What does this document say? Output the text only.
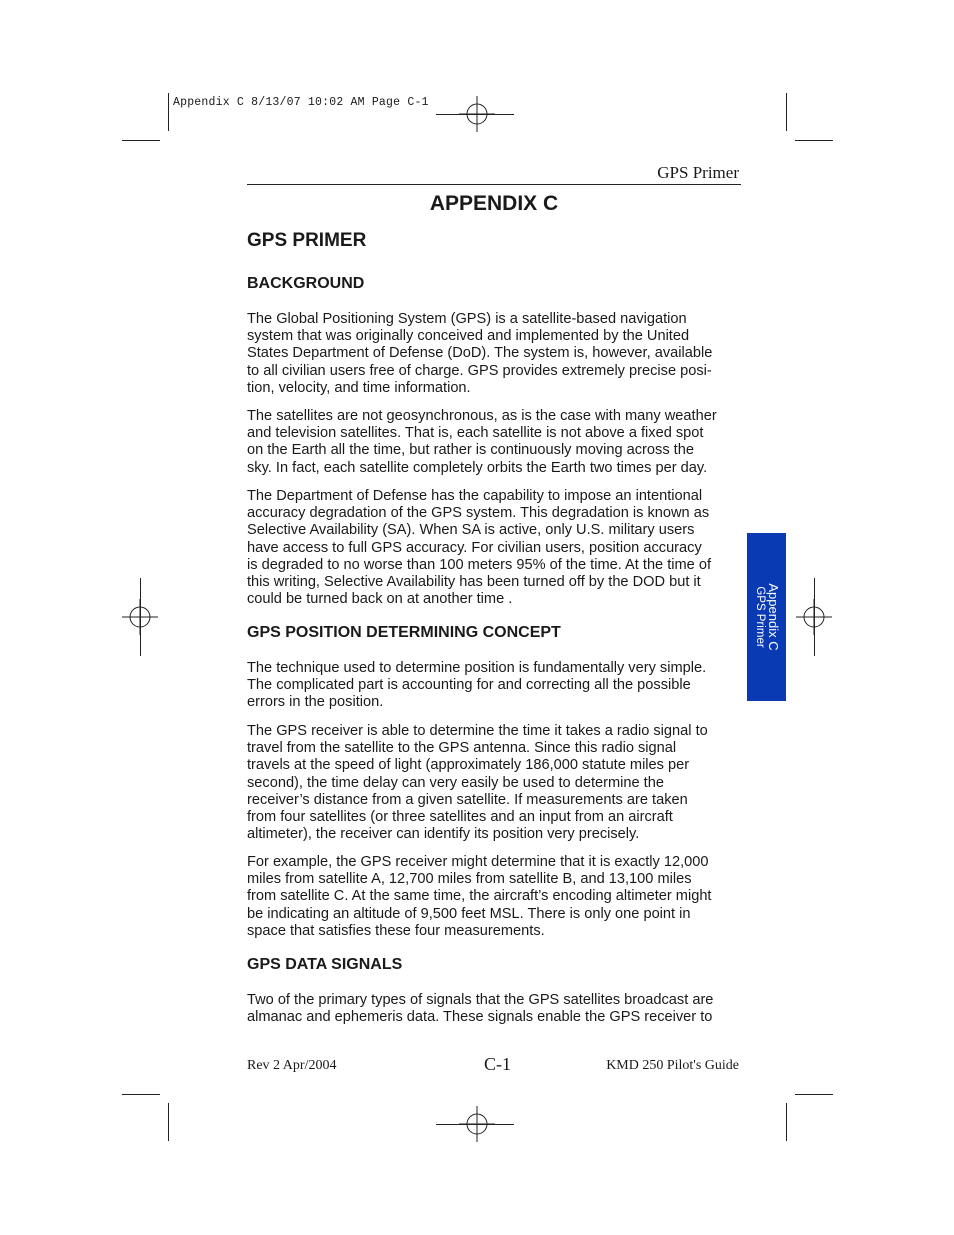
Appendix C 8/13/07 10:02 AM Page C-1
GPS Primer
APPENDIX C
GPS PRIMER
BACKGROUND
The Global Positioning System (GPS) is a satellite-based navigation
system that was originally conceived and implemented by the United
States Department of Defense (DoD). The system is, however, available
to all civilian users free of charge. GPS provides extremely precise posi-
tion, velocity, and time information.
The satellites are not geosynchronous, as is the case with many weather
and television satellites. That is, each satellite is not above a fixed spot
on the Earth all the time, but rather is continuously moving across the
sky. In fact, each satellite completely orbits the Earth two times per day.
The Department of Defense has the capability to impose an intentional
accuracy degradation of the GPS system. This degradation is known as
Selective Availability (SA). When SA is active, only U.S. military users
have access to full GPS accuracy. For civilian users, position accuracy
is degraded to no worse than 100 meters 95% of the time. At the time of
this writing, Selective Availability has been turned off by the DOD but it
could be turned back on at another time .
GPS POSITION DETERMINING CONCEPT
The technique used to determine position is fundamentally very simple.
The complicated part is accounting for and correcting all the possible
errors in the position.
The GPS receiver is able to determine the time it takes a radio signal to
travel from the satellite to the GPS antenna. Since this radio signal
travels at the speed of light (approximately 186,000 statute miles per
second), the time delay can very easily be used to determine the
receiver’s distance from a given satellite. If measurements are taken
from four satellites (or three satellites and an input from an aircraft
altimeter), the receiver can identify its position very precisely.
For example, the GPS receiver might determine that it is exactly 12,000
miles from satellite A, 12,700 miles from satellite B, and 13,100 miles
from satellite C. At the same time, the aircraft’s encoding altimeter might
be indicating an altitude of 9,500 feet MSL. There is only one point in
space that satisfies these four measurements.
GPS DATA SIGNALS
Two of the primary types of signals that the GPS satellites broadcast are
almanac and ephemeris data. These signals enable the GPS receiver to
Appendix C
GPS Primer
Rev 2 Apr/2004	C-1	KMD 250 Pilot's Guide
